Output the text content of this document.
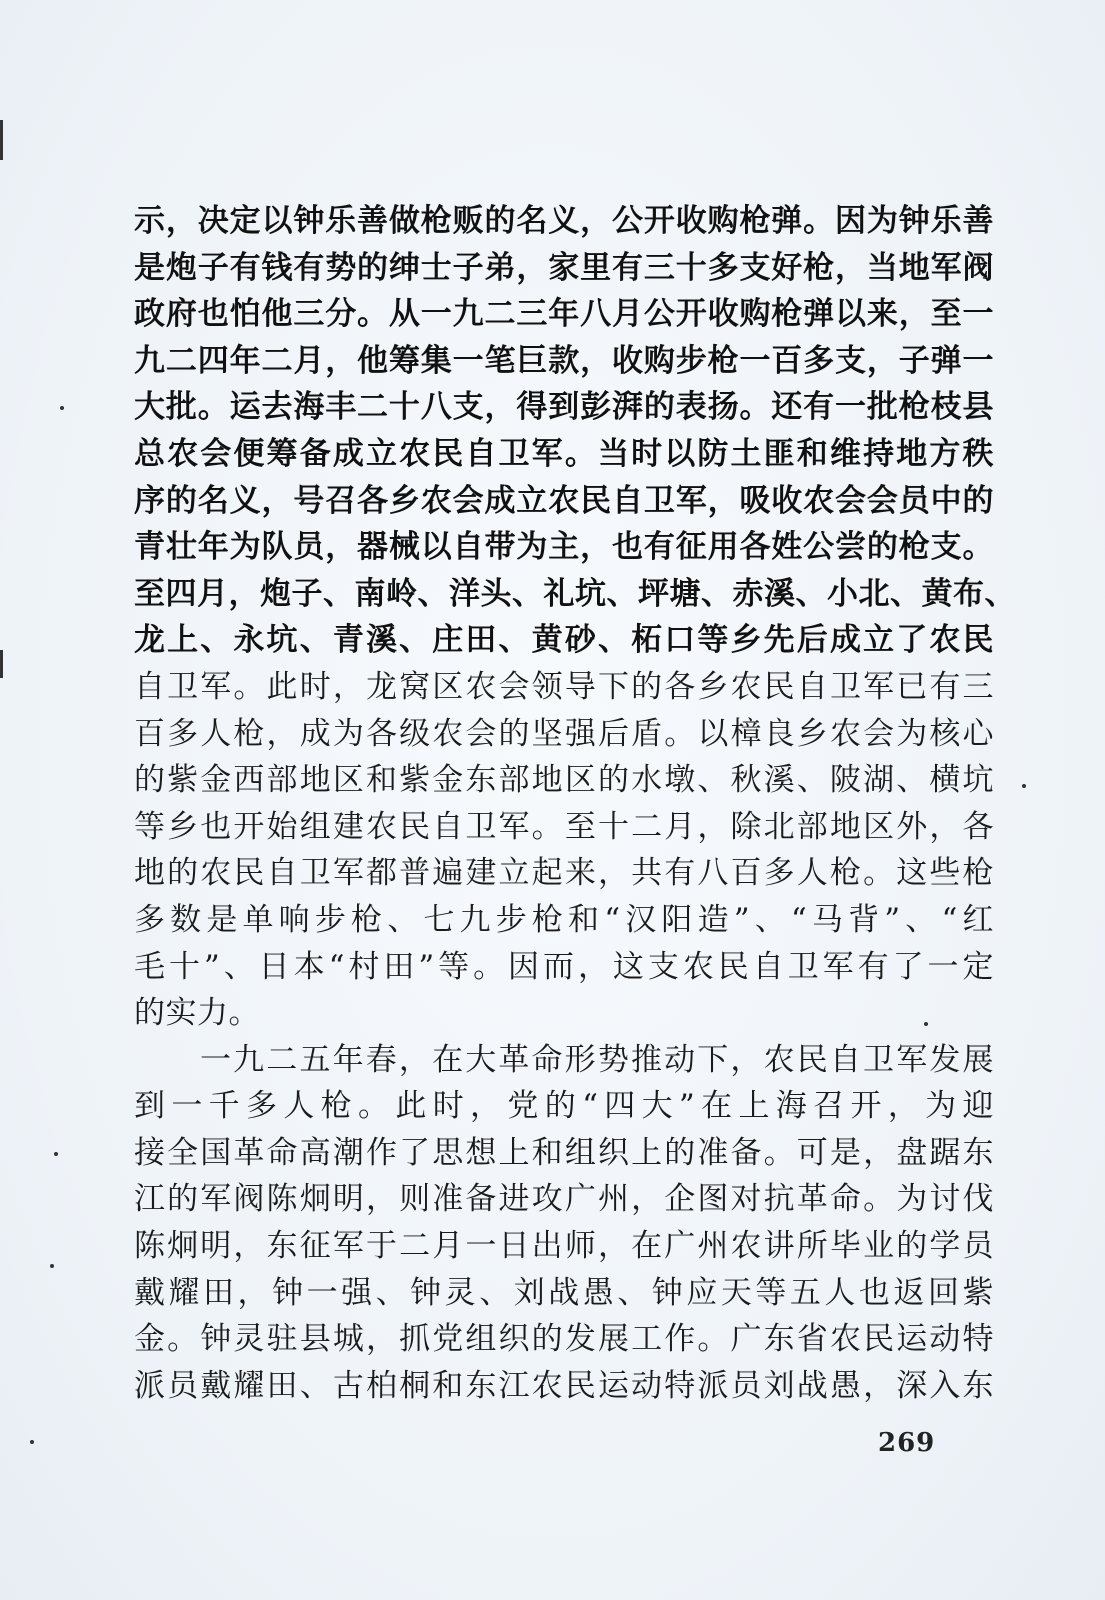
示，决定以钟乐善做枪贩的名义，公开收购枪弹。因为钟乐善
是炮子有钱有势的绅士子弟，家里有三十多支好枪，当地军阀
政府也怕他三分。从一九二三年八月公开收购枪弹以来，至一
九二四年二月，他筹集一笔巨款，收购步枪一百多支，子弹一
大批。运去海丰二十八支，得到彭湃的表扬。还有一批枪枝县
总农会便筹备成立农民自卫军。当时以防土匪和维持地方秩
序的名义，号召各乡农会成立农民自卫军，吸收农会会员中的
青壮年为队员，器械以自带为主，也有征用各姓公尝的枪支。
至四月，炮子、南岭、洋头、礼坑、坪塘、赤溪、小北、黄布、
龙上、永坑、青溪、庄田、黄砂、柘口等乡先后成立了农民
自卫军。此时，龙窝区农会领导下的各乡农民自卫军已有三
百多人枪，成为各级农会的坚强后盾。以樟良乡农会为核心
的紫金西部地区和紫金东部地区的水墩、秋溪、陂湖、横坑
等乡也开始组建农民自卫军。至十二月，除北部地区外，各
地的农民自卫军都普遍建立起来，共有八百多人枪。这些枪
多数是单响步枪、七九步枪和“汉阳造”、“马背”、“红
毛十”、日本“村田”等。因而，这支农民自卫军有了一定
的实力。
一九二五年春，在大革命形势推动下，农民自卫军发展
到一千多人枪。此时，党的“四大”在上海召开，为迎
接全国革命高潮作了思想上和组织上的准备。可是，盘踞东
江的军阀陈炯明，则准备进攻广州，企图对抗革命。为讨伐
陈炯明，东征军于二月一日出师，在广州农讲所毕业的学员
戴耀田，钟一强、钟灵、刘战愚、钟应天等五人也返回紫
金。钟灵驻县城，抓党组织的发展工作。广东省农民运动特
派员戴耀田、古柏桐和东江农民运动特派员刘战愚，深入东
269
